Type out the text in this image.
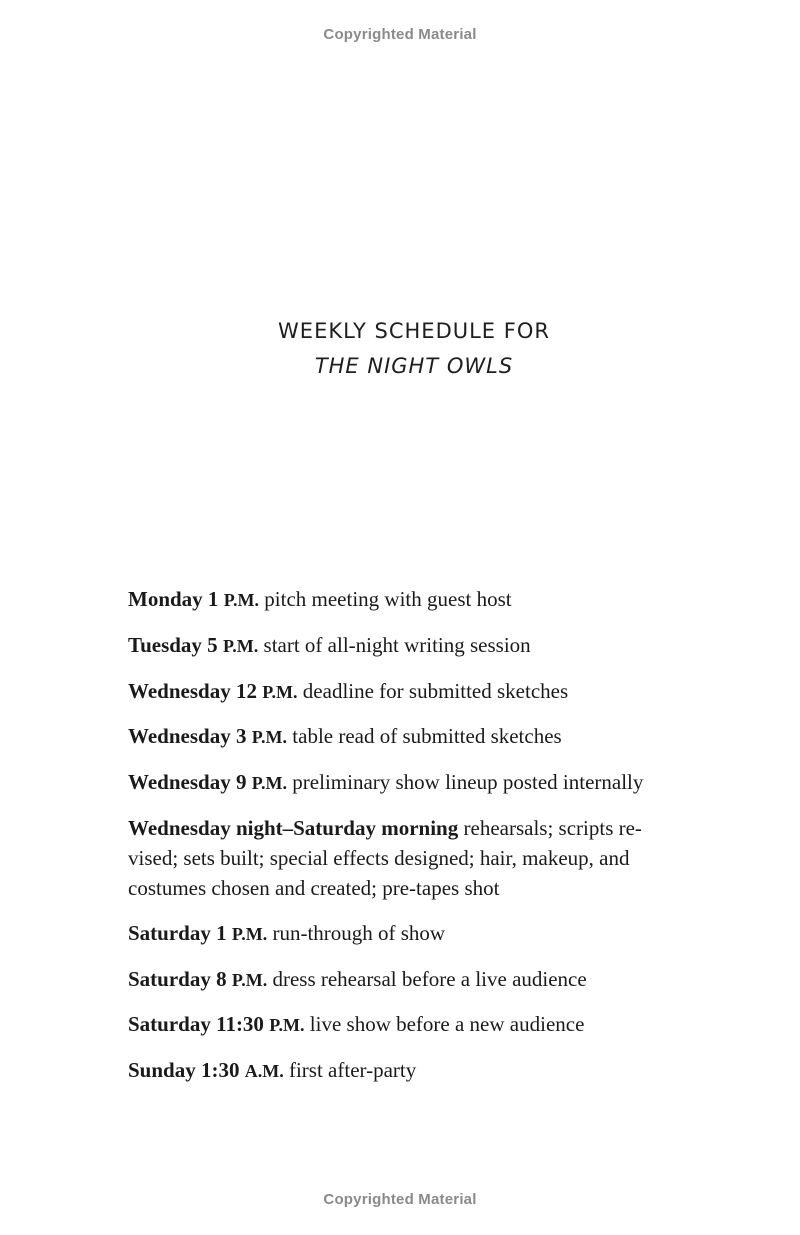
Copyrighted Material
WEEKLY SCHEDULE FOR
THE NIGHT OWLS
Monday 1 P.M. pitch meeting with guest host
Tuesday 5 P.M. start of all-night writing session
Wednesday 12 P.M. deadline for submitted sketches
Wednesday 3 P.M. table read of submitted sketches
Wednesday 9 P.M. preliminary show lineup posted internally
Wednesday night–Saturday morning rehearsals; scripts re-vised; sets built; special effects designed; hair, makeup, and costumes chosen and created; pre-tapes shot
Saturday 1 P.M. run-through of show
Saturday 8 P.M. dress rehearsal before a live audience
Saturday 11:30 P.M. live show before a new audience
Sunday 1:30 A.M. first after-party
Copyrighted Material
